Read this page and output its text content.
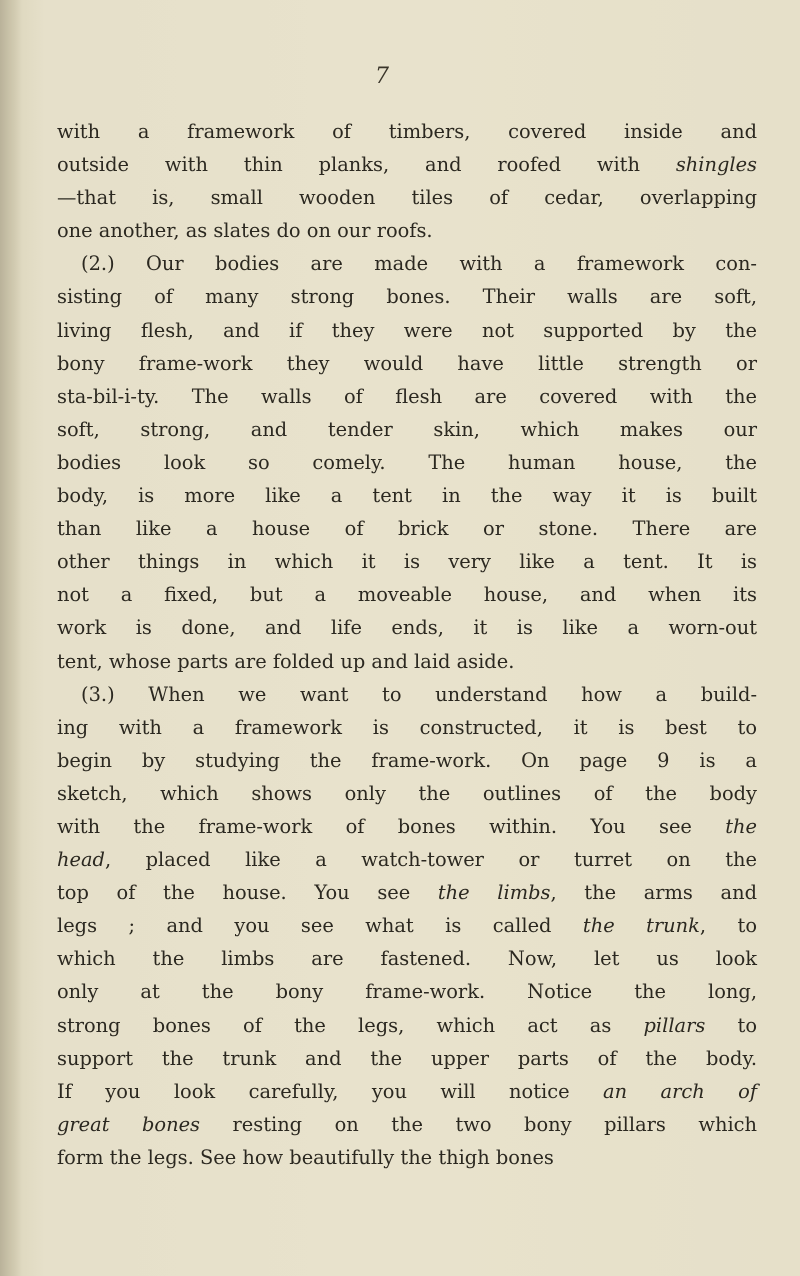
7
with a framework of timbers, covered inside and
outside with thin planks, and roofed with shingles
—that is, small wooden tiles of cedar, overlapping
one another, as slates do on our roofs.
(2.) Our bodies are made with a framework con-
sisting of many strong bones. Their walls are soft,
living flesh, and if they were not supported by the
bony frame-work they would have little strength or
sta-bil-i-ty. The walls of flesh are covered with the
soft, strong, and tender skin, which makes our
bodies look so comely. The human house, the
body, is more like a tent in the way it is built
than like a house of brick or stone. There are
other things in which it is very like a tent. It is
not a fixed, but a moveable house, and when its
work is done, and life ends, it is like a worn-out
tent, whose parts are folded up and laid aside.
(3.) When we want to understand how a build-
ing with a framework is constructed, it is best to
begin by studying the frame-work. On page 9 is a
sketch, which shows only the outlines of the body
with the frame-work of bones within. You see the
head, placed like a watch-tower or turret on the
top of the house. You see the limbs, the arms and
legs ; and you see what is called the trunk, to
which the limbs are fastened. Now, let us look
only at the bony frame-work. Notice the long,
strong bones of the legs, which act as pillars to
support the trunk and the upper parts of the body.
If you look carefully, you will notice an arch of
great bones resting on the two bony pillars which
form the legs. See how beautifully the thigh bones
